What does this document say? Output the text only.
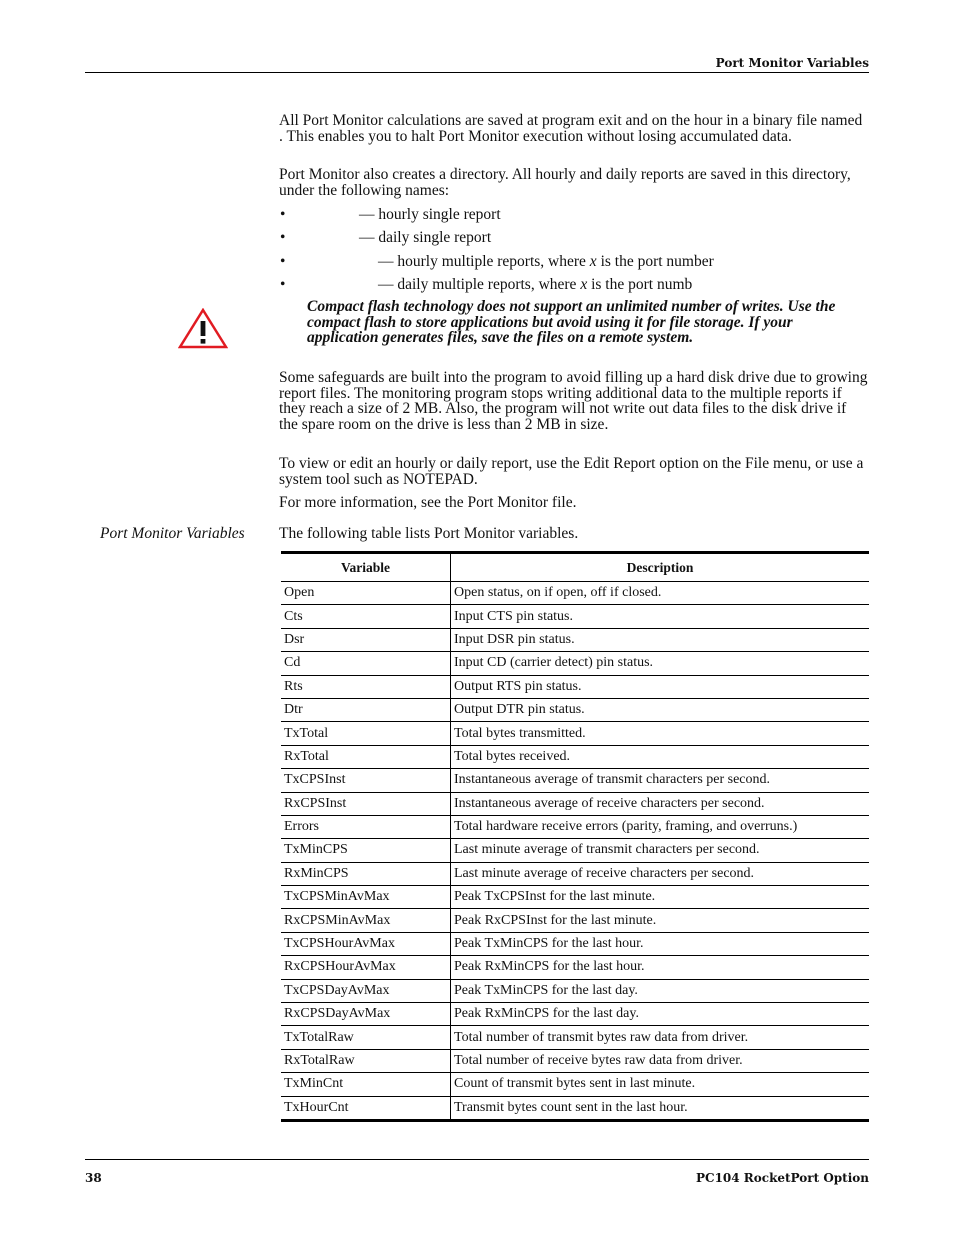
Port Monitor Variables

All Port Monitor calculations are saved at program exit and on the hour in a binary file named . This enables you to halt Port Monitor execution without losing accumulated data.

Port Monitor also creates a directory. All hourly and daily reports are saved in this directory, under the following names:

•	— hourly single report
•	— daily single report
•	— hourly multiple reports, where x is the port number
•	— daily multiple reports, where x is the port numb

Compact flash technology does not support an unlimited number of writes. Use the compact flash to store applications but avoid using it for file storage. If your application generates files, save the files on a remote system.

Some safeguards are built into the program to avoid filling up a hard disk drive due to growing report files. The monitoring program stops writing additional data to the multiple reports if they reach a size of 2 MB. Also, the program will not write out data files to the disk drive if the spare room on the drive is less than 2 MB in size.

To view or edit an hourly or daily report, use the Edit Report option on the File menu, or use a system tool such as NOTEPAD.

For more information, see the Port Monitor file.

Port Monitor Variables	The following table lists Port Monitor variables.

Variable	Description
Open	Open status, on if open, off if closed.
Cts	Input CTS pin status.
Dsr	Input DSR pin status.
Cd	Input CD (carrier detect) pin status.
Rts	Output RTS pin status.
Dtr	Output DTR pin status.
TxTotal	Total bytes transmitted.
RxTotal	Total bytes received.
TxCPSInst	Instantaneous average of transmit characters per second.
RxCPSInst	Instantaneous average of receive characters per second.
Errors	Total hardware receive errors (parity, framing, and overruns.)
TxMinCPS	Last minute average of transmit characters per second.
RxMinCPS	Last minute average of receive characters per second.
TxCPSMinAvMax	Peak TxCPSInst for the last minute.
RxCPSMinAvMax	Peak RxCPSInst for the last minute.
TxCPSHourAvMax	Peak TxMinCPS for the last hour.
RxCPSHourAvMax	Peak RxMinCPS for the last hour.
TxCPSDayAvMax	Peak TxMinCPS for the last day.
RxCPSDayAvMax	Peak RxMinCPS for the last day.
TxTotalRaw	Total number of transmit bytes raw data from driver.
RxTotalRaw	Total number of receive bytes raw data from driver.
TxMinCnt	Count of transmit bytes sent in last minute.
TxHourCnt	Transmit bytes count sent in the last hour.
38	PC104 RocketPort Option
